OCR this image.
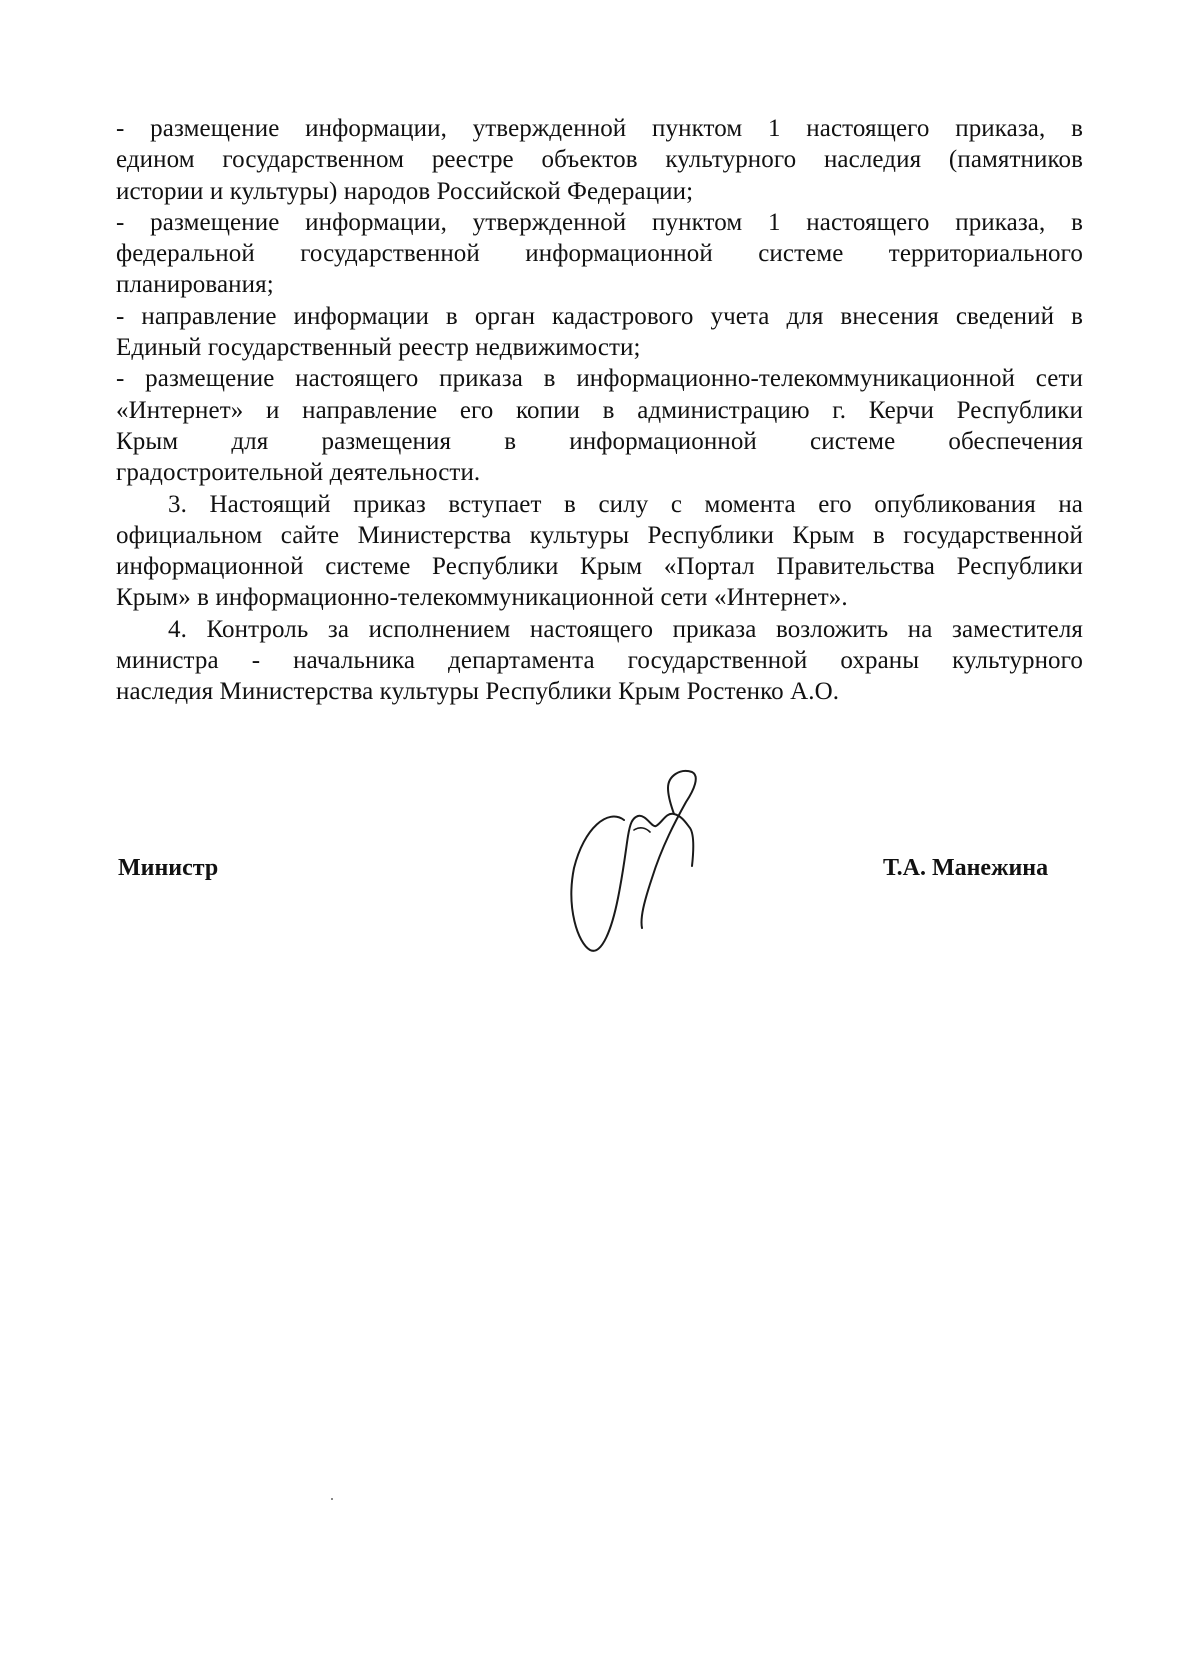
- размещение информации, утвержденной пунктом 1 настоящего приказа, в
едином государственном реестре объектов культурного наследия (памятников
истории и культуры) народов Российской Федерации;
- размещение информации, утвержденной пунктом 1 настоящего приказа, в
федеральной государственной информационной системе территориального
планирования;
- направление информации в орган кадастрового учета для внесения сведений в
Единый государственный реестр недвижимости;
- размещение настоящего приказа в информационно-телекоммуникационной сети
«Интернет» и направление его копии в администрацию г. Керчи Республики
Крым для размещения в информационной системе обеспечения
градостроительной деятельности.
3. Настоящий приказ вступает в силу с момента его опубликования на
официальном сайте Министерства культуры Республики Крым в государственной
информационной системе Республики Крым «Портал Правительства Республики
Крым» в информационно-телекоммуникационной сети «Интернет».
4. Контроль за исполнением настоящего приказа возложить на заместителя
министра - начальника департамента государственной охраны культурного
наследия Министерства культуры Республики Крым Ростенко А.О.
Министр	Т.А. Манежина
